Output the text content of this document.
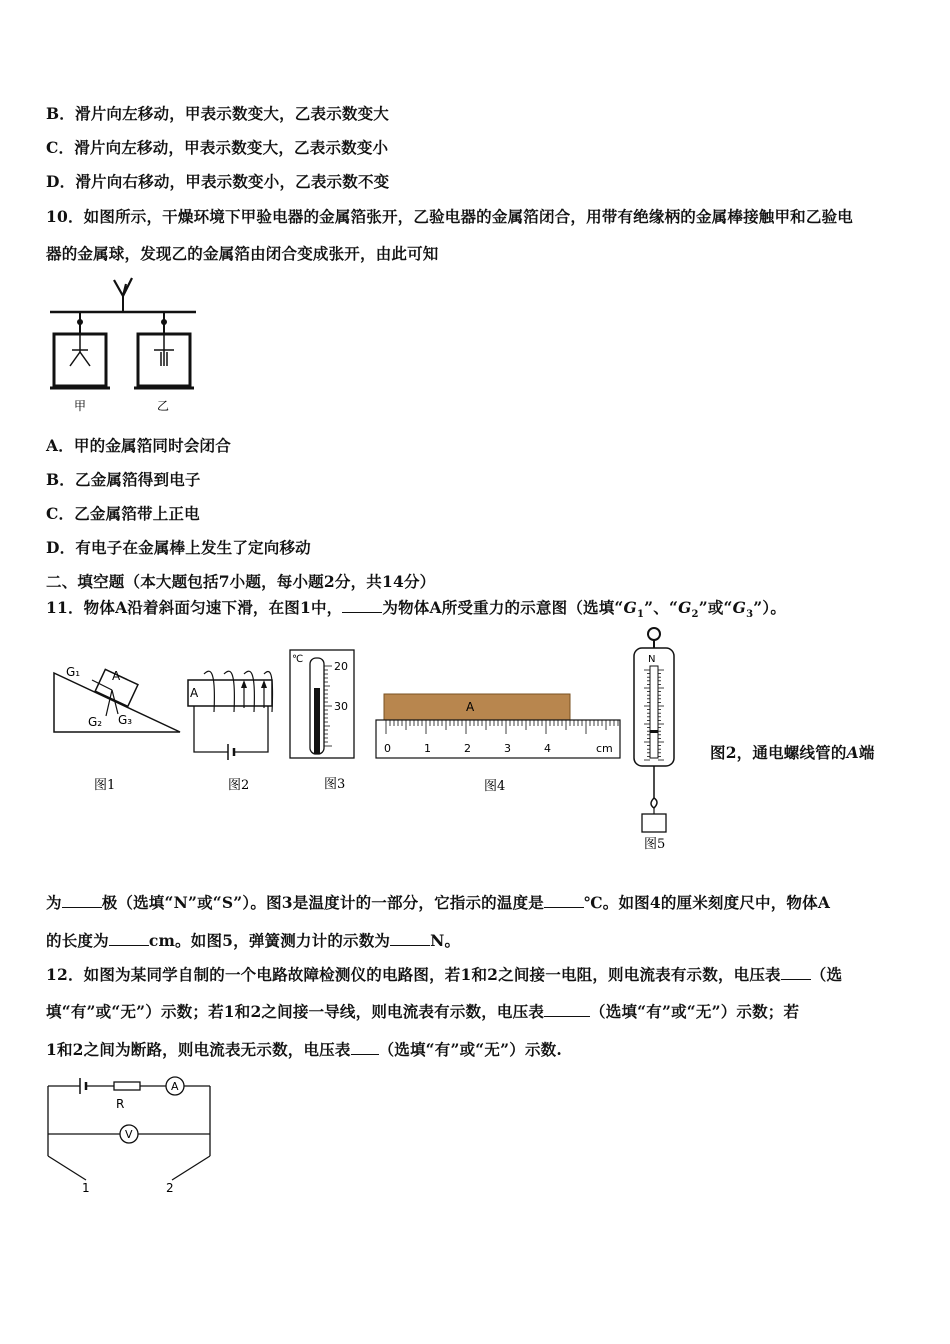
B．滑片向左移动，甲表示数变大，乙表示数变大
C．滑片向左移动，甲表示数变大，乙表示数变小
D．滑片向右移动，甲表示数变小，乙表示数不变
10．如图所示，干燥环境下甲验电器的金属箔张开，乙验电器的金属箔闭合，用带有绝缘柄的金属棒接触甲和乙验电
器的金属球，发现乙的金属箔由闭合变成张开，由此可知
甲	乙
A．甲的金属箔同时会闭合
B．乙金属箔得到电子
C．乙金属箔带上正电
D．有电子在金属棒上发生了定向移动
二、填空题（本大题包括7小题，每小题2分，共14分）
11．物体A沿着斜面匀速下滑，在图1中，	为物体A所受重力的示意图（选填“$G_1$”、“$G_2$”或“$G_3$”）。
A
G₁
G₂ G₃
图1
A
图2
℃
20
30
图3
A
0	1	2	3	4	cm
图4
N
图5
图2，通电螺线管的A端
为	极（选填“N”或“S”）。图3是温度计的一部分，它指示的温度是	℃。如图4的厘米刻度尺中，物体A
的长度为	cm。如图5，弹簧测力计的示数为	N。
12．如图为某同学自制的一个电路故障检测仪的电路图，若1和2之间接一电阻，则电流表有示数，电压表 （选
填“有”或“无”）示数；若1和2之间接一导线，则电流表有示数，电压表	（选填“有”或“无”）示数；若
1和2之间为断路，则电流表无示数，电压表 （选填“有”或“无”）示数.
R
A
V
1	2
